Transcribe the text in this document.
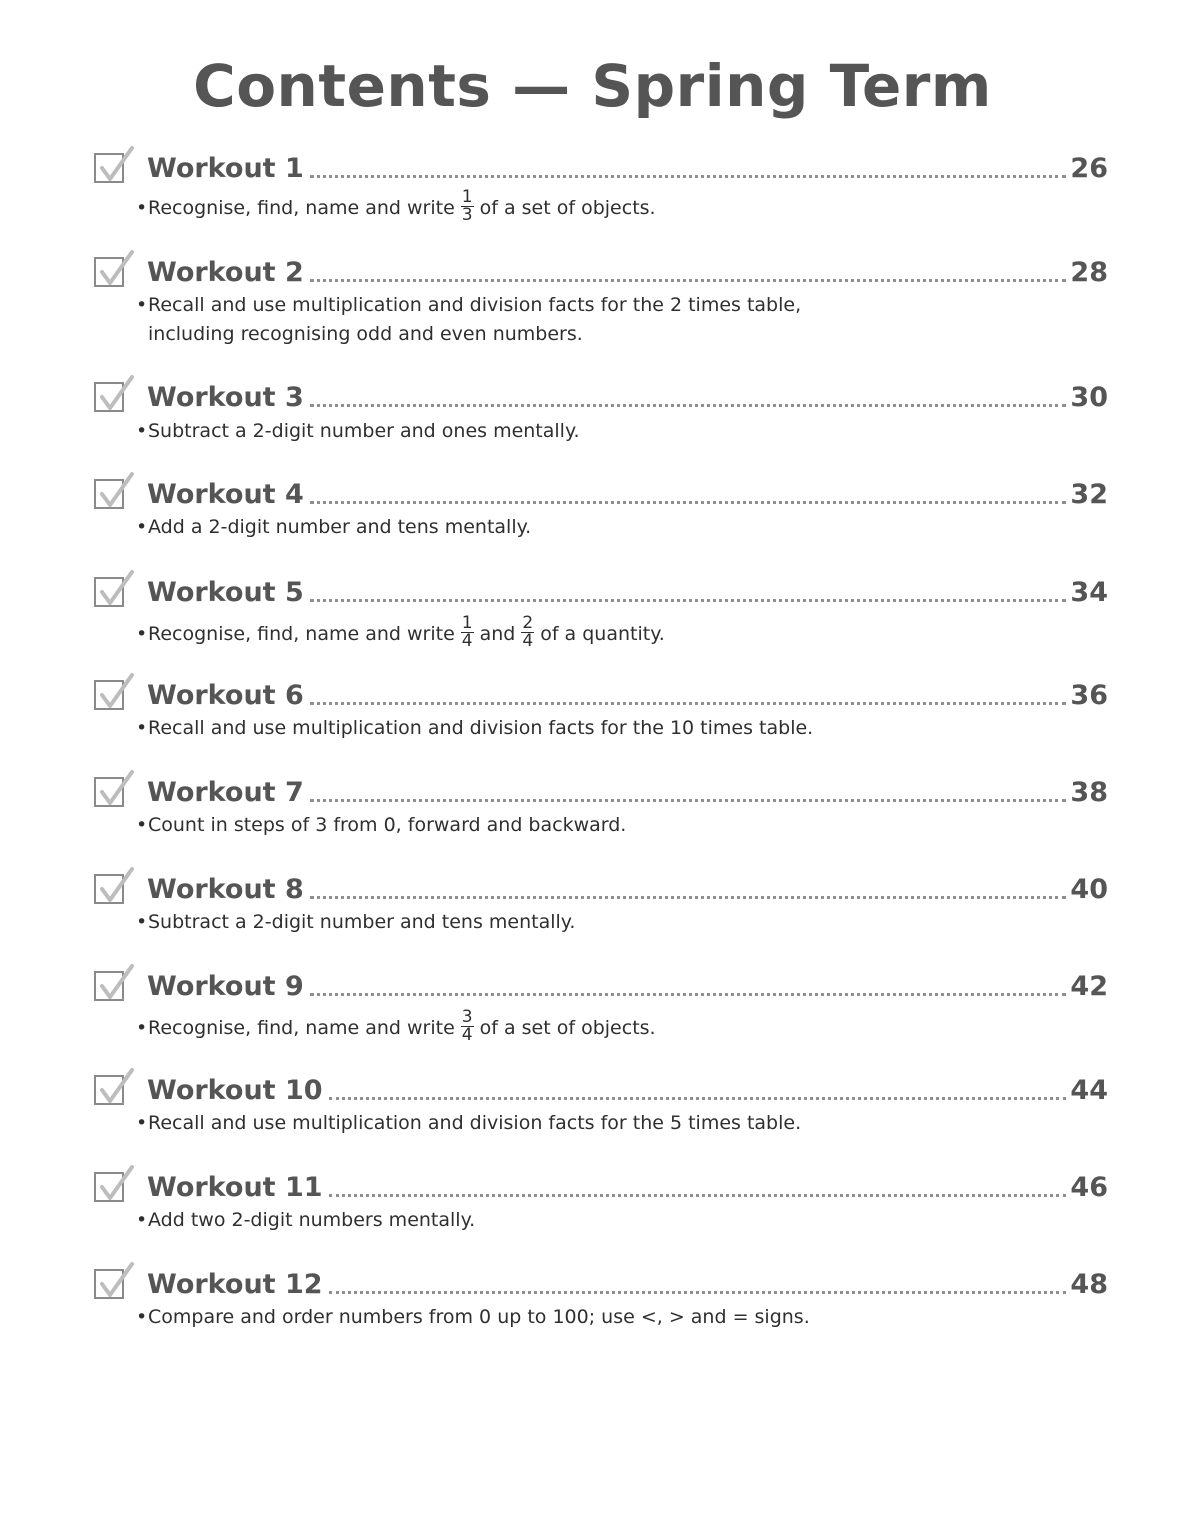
Contents — Spring Term
Workout 1	26
•Recognise, find, name and write $\frac{1}{3}$ of a set of objects.
Workout 2	28
•Recall and use multiplication and division facts for the 2 times table,
including recognising odd and even numbers.
Workout 3	30
•Subtract a 2-digit number and ones mentally.
Workout 4	32
•Add a 2-digit number and tens mentally.
Workout 5	34
•Recognise, find, name and write $\frac{1}{4}$ and $\frac{2}{4}$ of a quantity.
Workout 6	36
•Recall and use multiplication and division facts for the 10 times table.
Workout 7	38
•Count in steps of 3 from 0, forward and backward.
Workout 8	40
•Subtract a 2-digit number and tens mentally.
Workout 9	42
•Recognise, find, name and write $\frac{3}{4}$ of a set of objects.
Workout 10	44
•Recall and use multiplication and division facts for the 5 times table.
Workout 11	46
•Add two 2-digit numbers mentally.
Workout 12	48
•Compare and order numbers from 0 up to 100; use <, > and = signs.
